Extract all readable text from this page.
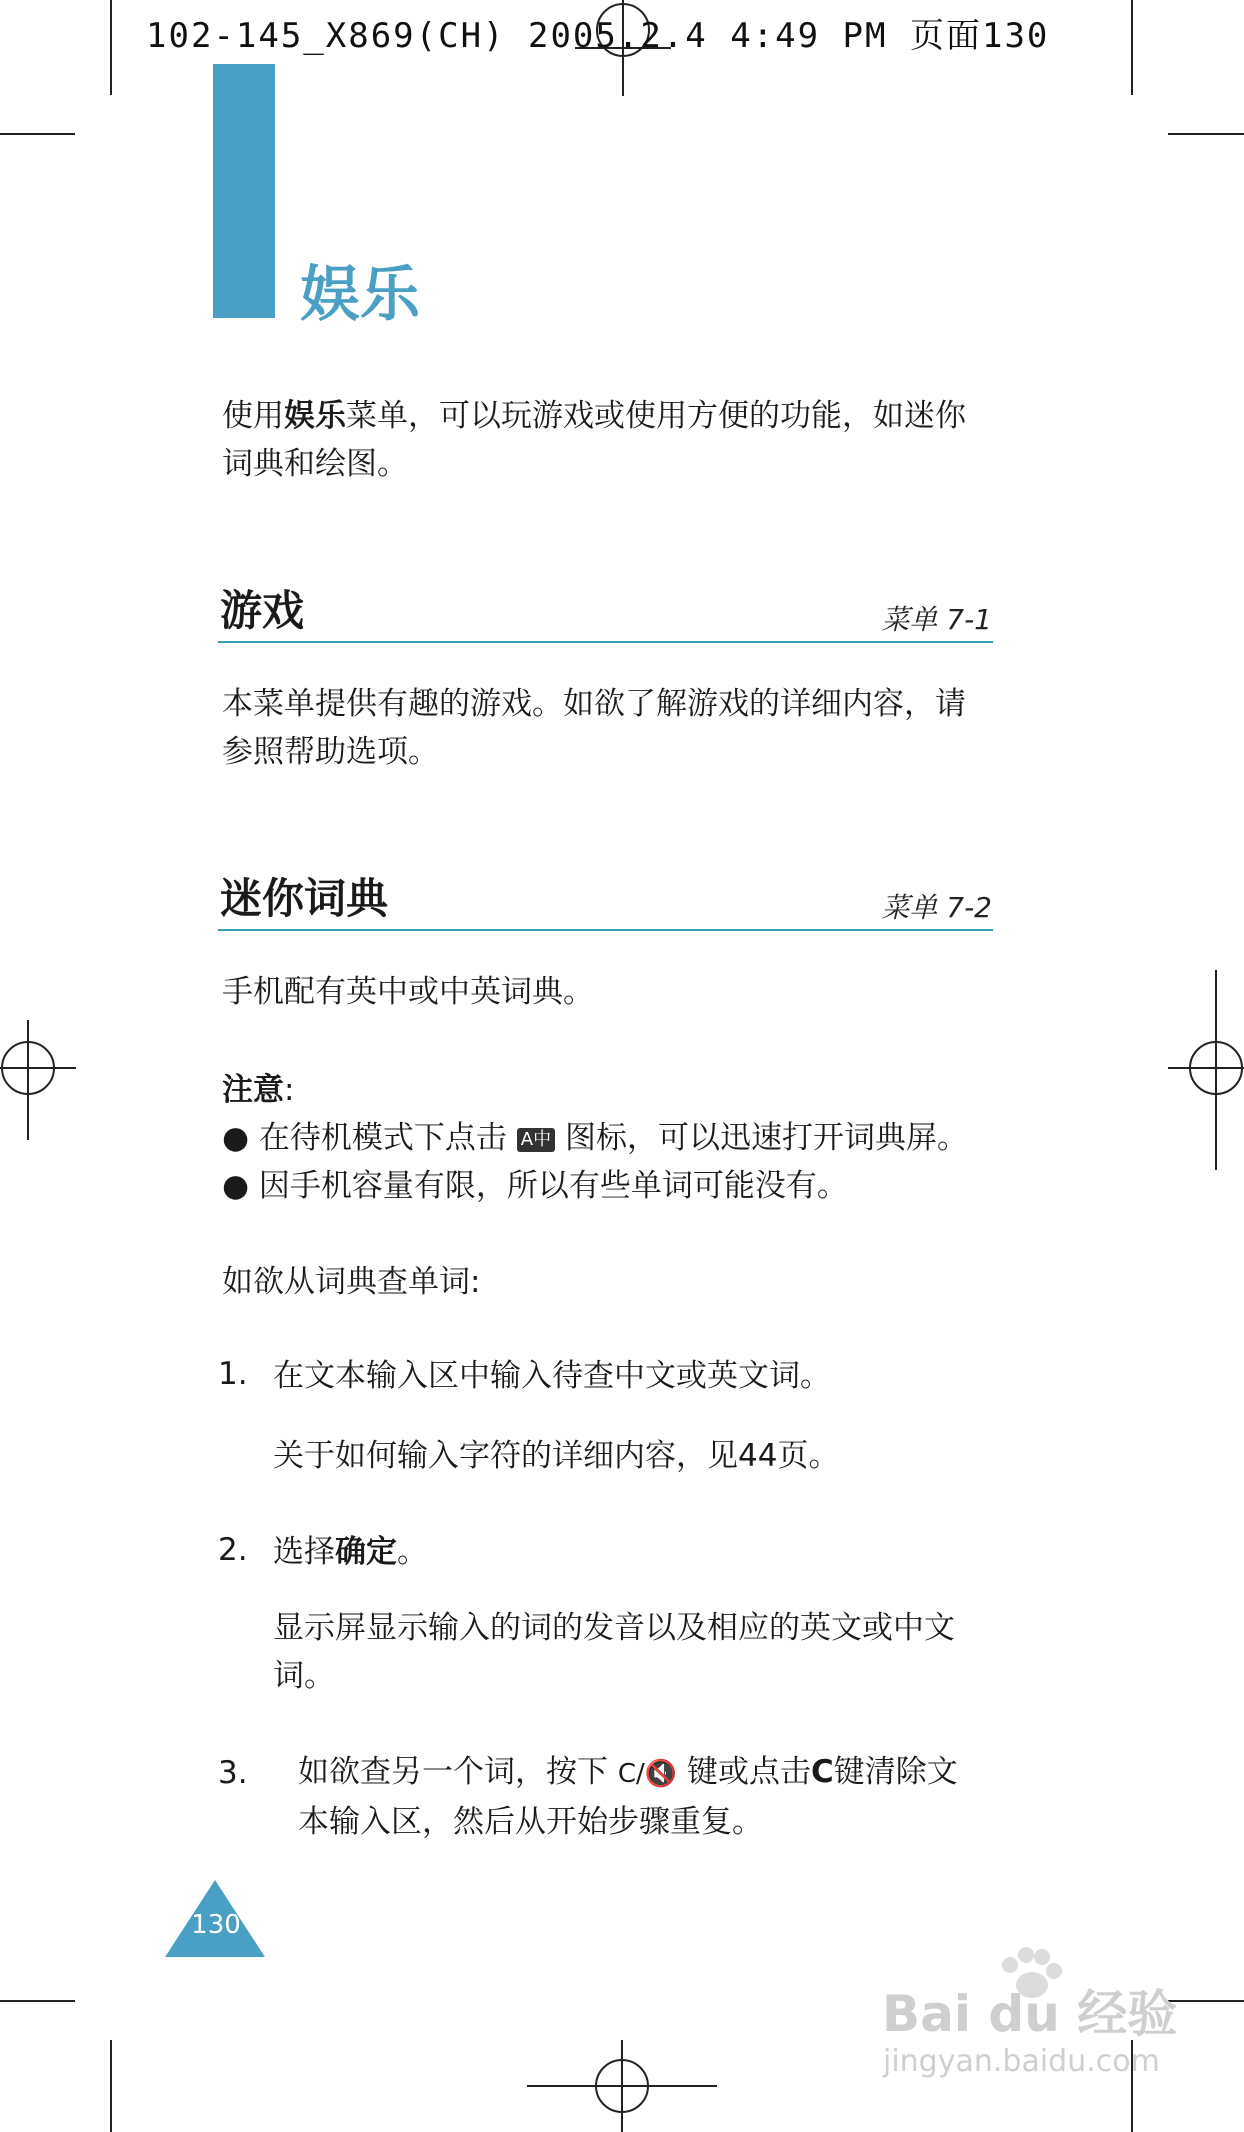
102-145_X869(CH) 2005.2.4 4:49 PM 页面130
娱乐
使用娱乐菜单，可以玩游戏或使用方便的功能，如迷你
词典和绘图。
游戏	菜单 7-1
本菜单提供有趣的游戏。如欲了解游戏的详细内容，请
参照帮助选项。
迷你词典	菜单 7-2
手机配有英中或中英词典。
注意:
● 在待机模式下点击 A中 图标，可以迅速打开词典屏。
● 因手机容量有限，所以有些单词可能没有。
如欲从词典查单词:
1. 在文本输入区中输入待查中文或英文词。
关于如何输入字符的详细内容，见44页。
2. 选择确定。
显示屏显示输入的词的发音以及相应的英文或中文
词。
3. 如欲查另一个词，按下 C/🔇 键或点击C键清除文
本输入区，然后从开始步骤重复。
130
Bai du 经验
jingyan.baidu.com
